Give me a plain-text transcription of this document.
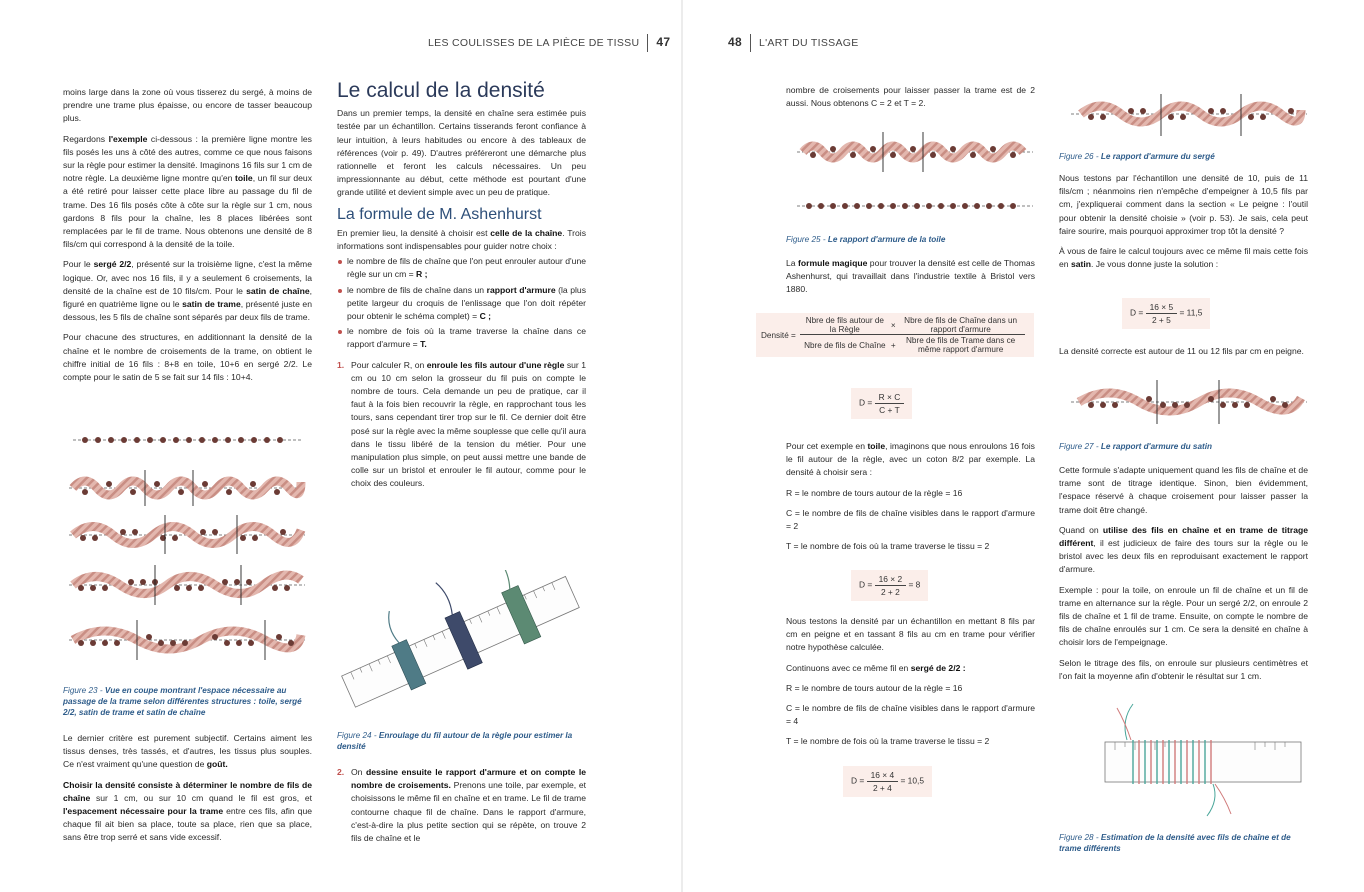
LES COULISSES DE LA PIÈCE DE TISSU 47

moins large dans la zone où vous tisserez du sergé, à moins de prendre une trame plus épaisse, ou encore de tasser beaucoup plus.

Regardons l'exemple ci-dessous : la première ligne montre les fils posés les uns à côté des autres, comme ce que nous faisons sur la règle pour estimer la densité. Imaginons 16 fils sur 1 cm de notre règle. La deuxième ligne montre qu'en toile, un fil sur deux a été retiré pour laisser cette place libre au passage du fil de trame. Des 16 fils posés côte à côte sur la règle sur 1 cm, nous gardons 8 fils pour la chaîne, les 8 places libérées sont remplacées par le fil de trame. Nous obtenons une densité de 8 fils/cm qui correspond à la densité de la toile.

Pour le sergé 2/2, présenté sur la troisième ligne, c'est la même logique. Or, avec nos 16 fils, il y a seulement 6 croisements, la densité de la chaîne est de 10 fils/cm. Pour le satin de chaîne, figuré en quatrième ligne ou le satin de trame, présenté juste en dessous, les 5 fils de chaîne sont séparés par deux fils de trame.

Pour chacune des structures, en additionnant la densité de la chaîne et le nombre de croisements de la trame, on obtient le chiffre initial de 16 fils : 8+8 en toile, 10+6 en sergé 2/2. Le compte pour le satin de 5 se fait sur 14 fils : 10+4.

Figure 23 - Vue en coupe montrant l'espace nécessaire au passage de la trame selon différentes structures : toile, sergé 2/2, satin de trame et satin de chaîne

Le dernier critère est purement subjectif. Certains aiment les tissus denses, très tassés, et d'autres, les tissus plus souples. Ce n'est vraiment qu'une question de goût.

Choisir la densité consiste à déterminer le nombre de fils de chaîne sur 1 cm, ou sur 10 cm quand le fil est gros, et l'espacement nécessaire pour la trame entre ces fils, afin que chaque fil ait bien sa place, toute sa place, rien que sa place, sans être trop serré et sans vide excessif.

Le calcul de la densité

Dans un premier temps, la densité en chaîne sera estimée puis testée par un échantillon. Certains tisserands feront confiance à leur intuition, à leurs habitudes ou encore à des tableaux de références (voir p. 49). D'autres préféreront une démarche plus rationnelle et feront les calculs nécessaires. Un peu impressionnante au début, cette méthode est pourtant d'une grande utilité et devient simple avec un peu de pratique.

La formule de M. Ashenhurst

En premier lieu, la densité à choisir est celle de la chaîne. Trois informations sont indispensables pour guider notre choix :

le nombre de fils de chaîne que l'on peut enrouler autour d'une règle sur un cm = R ;
le nombre de fils de chaîne dans un rapport d'armure (la plus petite largeur du croquis de l'enlissage que l'on doit répéter pour obtenir le schéma complet) = C ;
le nombre de fois où la trame traverse la chaîne dans ce rapport d'armure = T.
1. Pour calculer R, on enroule les fils autour d'une règle sur 1 cm ou 10 cm selon la grosseur du fil puis on compte le nombre de tours. Cela demande un peu de pratique, car il faut à la fois bien recouvrir la règle, en rapprochant tous les tours, sans cependant tirer trop sur le fil. Ce dernier doit être posé sur la règle avec la même souplesse que celle qu'il aura dans le tissu libéré de la tension du métier. Pour une manipulation plus simple, on peut aussi mettre une bande de colle sur un bristol et enrouler le fil autour, comme pour le choix des couleurs.
Figure 24 - Enroulage du fil autour de la règle pour estimer la densité
2. On dessine ensuite le rapport d'armure et on compte le nombre de croisements. Prenons une toile, par exemple, et choisissons le même fil en chaîne et en trame. Le fil de trame contourne chaque fil de chaîne. Dans le rapport d'armure, c'est-à-dire la plus petite section qui se répète, on trouve 2 fils de chaîne et le
48 L'ART DU TISSAGE

nombre de croisements pour laisser passer la trame est de 2 aussi. Nous obtenons C = 2 et T = 2.

Figure 25 - Le rapport d'armure de la toile

La formule magique pour trouver la densité est celle de Thomas Ashenhurst, qui travaillait dans l'industrie textile à Bristol vers 1880.

Densité =	Nbre de fils autour de la Règle	×	Nbre de fils de Chaîne dans un rapport d'armure

	Nbre de fils de Chaîne	+	Nbre de fils de Trame dans ce même rapport d'armure
$D = \frac{R \times C}{C + T}$

Pour cet exemple en toile, imaginons que nous enroulons 16 fois le fil autour de la règle, avec un coton 8/2 par exemple. La densité à choisir sera :

R = le nombre de tours autour de la règle = 16

C = le nombre de fils de chaîne visibles dans le rapport d'armure = 2

T = le nombre de fois où la trame traverse le tissu = 2

$D = \frac{16 \times 2}{2 + 2} = 8$

Nous testons la densité par un échantillon en mettant 8 fils par cm en peigne et en tassant 8 fils au cm en trame pour vérifier notre hypothèse calculée.

Continuons avec ce même fil en sergé de 2/2 :

R = le nombre de tours autour de la règle = 16

C = le nombre de fils de chaîne visibles dans le rapport d'armure = 4

T = le nombre de fois où la trame traverse le tissu = 2

$D = \frac{16 \times 4}{2 + 4} = 10,5$
Figure 26 - Le rapport d'armure du sergé

Nous testons par l'échantillon une densité de 10, puis de 11 fils/cm ; néanmoins rien n'empêche d'empeigner à 10,5 fils par cm, j'expliquerai comment dans la section « Le peigne : l'outil pour obtenir la densité choisie » (voir p. 53). Je sais, cela peut faire sourire, mais pourquoi approximer trop tôt la densité ?

À vous de faire le calcul toujours avec ce même fil mais cette fois en satin. Je vous donne juste la solution :

$D = \frac{16 \times 5}{2 + 5} = 11,5$

La densité correcte est autour de 11 ou 12 fils par cm en peigne.

Figure 27 - Le rapport d'armure du satin

Cette formule s'adapte uniquement quand les fils de chaîne et de trame sont de titrage identique. Sinon, bien évidemment, l'espace réservé à chaque croisement pour laisser passer la trame doit être changé.

Quand on utilise des fils en chaîne et en trame de titrage différent, il est judicieux de faire des tours sur la règle ou le bristol avec les deux fils en reproduisant exactement le rapport d'armure.

Exemple : pour la toile, on enroule un fil de chaîne et un fil de trame en alternance sur la règle. Pour un sergé 2/2, on enroule 2 fils de chaîne et 1 fil de trame. Ensuite, on compte le nombre de fils de chaîne enroulés sur 1 cm. Ce sera la densité en chaîne à choisir lors de l'empeignage.

Selon le titrage des fils, on enroule sur plusieurs centimètres et l'on fait la moyenne afin d'obtenir le résultat sur 1 cm.

Figure 28 - Estimation de la densité avec fils de chaîne et de trame différents
